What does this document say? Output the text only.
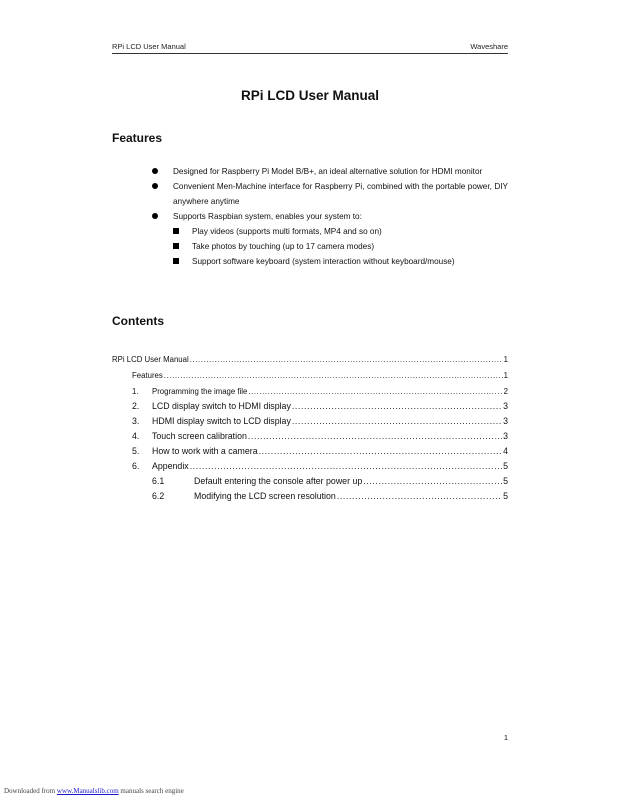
RPi LCD User Manual	Waveshare
RPi LCD User Manual
Features
Designed for Raspberry Pi Model B/B+, an ideal alternative solution for HDMI monitor
Convenient Men-Machine interface for Raspberry Pi, combined with the portable power, DIY anywhere anytime
Supports Raspbian system, enables your system to:
Play videos (supports multi formats, MP4 and so on)
Take photos by touching (up to 17 camera modes)
Support software keyboard (system interaction without keyboard/mouse)
Contents
RPi LCD User Manual .....	1
Features .....	1
1.	Programming the image file .....	2
2.	LCD display switch to HDMI display .....	3
3.	HDMI display switch to LCD display .....	3
4.	Touch screen calibration .....	3
5.	How to work with a camera .....	4
6.	Appendix .....	5
6.1	Default entering the console after power up .....	5
6.2	Modifying the LCD screen resolution .....	5
1
Downloaded from www.Manualslib.com manuals search engine
